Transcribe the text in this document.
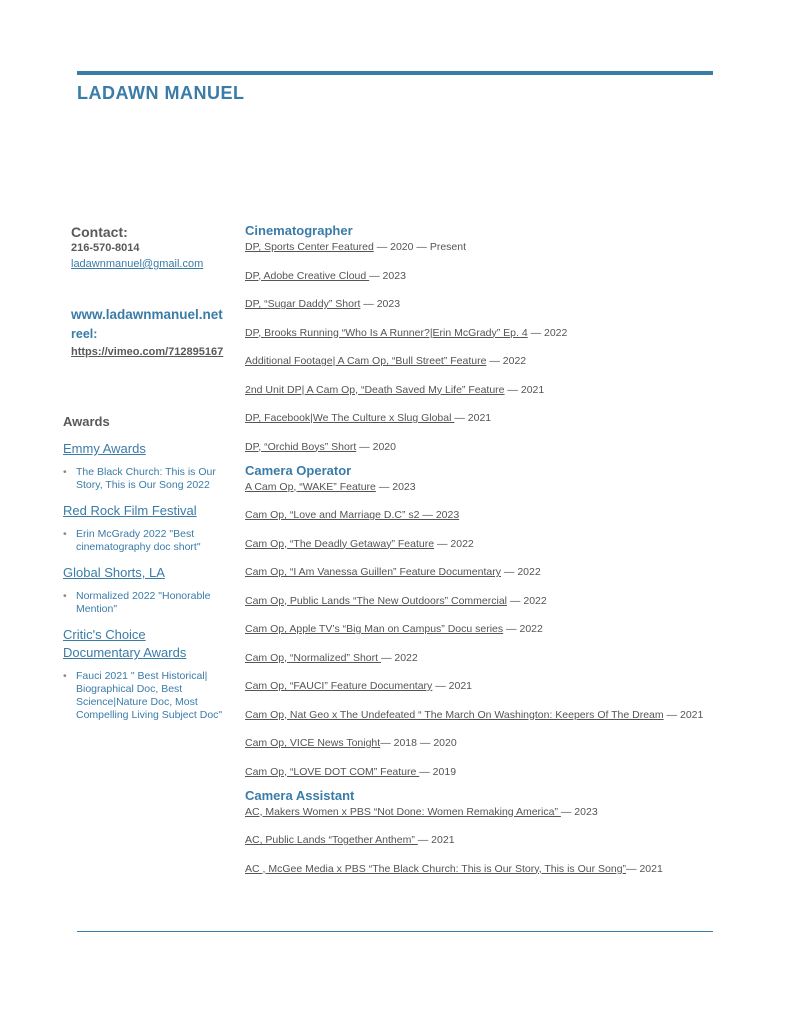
LADAWN MANUEL
Contact:
216-570-8014
ladawnmanuel@gmail.com
www.ladawnmanuel.net
reel: https://vimeo.com/712895167
Awards
Emmy Awards
• The Black Church: This is Our Story, This is Our Song 2022
Red Rock Film Festival
• Erin McGrady 2022 "Best cinematography doc short"
Global Shorts, LA
• Normalized 2022 "Honorable Mention"
Critic's Choice Documentary Awards
• Fauci 2021 " Best Historical| Biographical Doc, Best Science|Nature Doc, Most Compelling Living Subject Doc"
Cinematographer
DP, Sports Center Featured — 2020 — Present
DP, Adobe Creative Cloud — 2023
DP, “Sugar Daddy” Short — 2023
DP, Brooks Running “Who Is A Runner?|Erin McGrady” Ep. 4 — 2022
Additional Footage| A Cam Op, “Bull Street” Feature — 2022
2nd Unit DP| A Cam Op, “Death Saved My Life” Feature — 2021
DP, Facebook|We The Culture x Slug Global — 2021
DP, “Orchid Boys” Short — 2020
Camera Operator
A Cam Op, “WAKE” Feature — 2023
Cam Op, “Love and Marriage D.C” s2 — 2023
Cam Op, “The Deadly Getaway” Feature — 2022
Cam Op, “I Am Vanessa Guillen” Feature Documentary — 2022
Cam Op, Public Lands “The New Outdoors” Commercial — 2022
Cam Op, Apple TV’s “Big Man on Campus” Docu series — 2022
Cam Op, “Normalized” Short — 2022
Cam Op, “FAUCI” Feature Documentary — 2021
Cam Op, Nat Geo x The Undefeated “ The March On Washington: Keepers Of The Dream — 2021
Cam Op, VICE News Tonight— 2018 — 2020
Cam Op, “LOVE DOT COM” Feature — 2019
Camera Assistant
AC, Makers Women x PBS “Not Done: Women Remaking America” — 2023
AC, Public Lands “Together Anthem” — 2021
AC , McGee Media x PBS “The Black Church: This is Our Story, This is Our Song”— 2021
